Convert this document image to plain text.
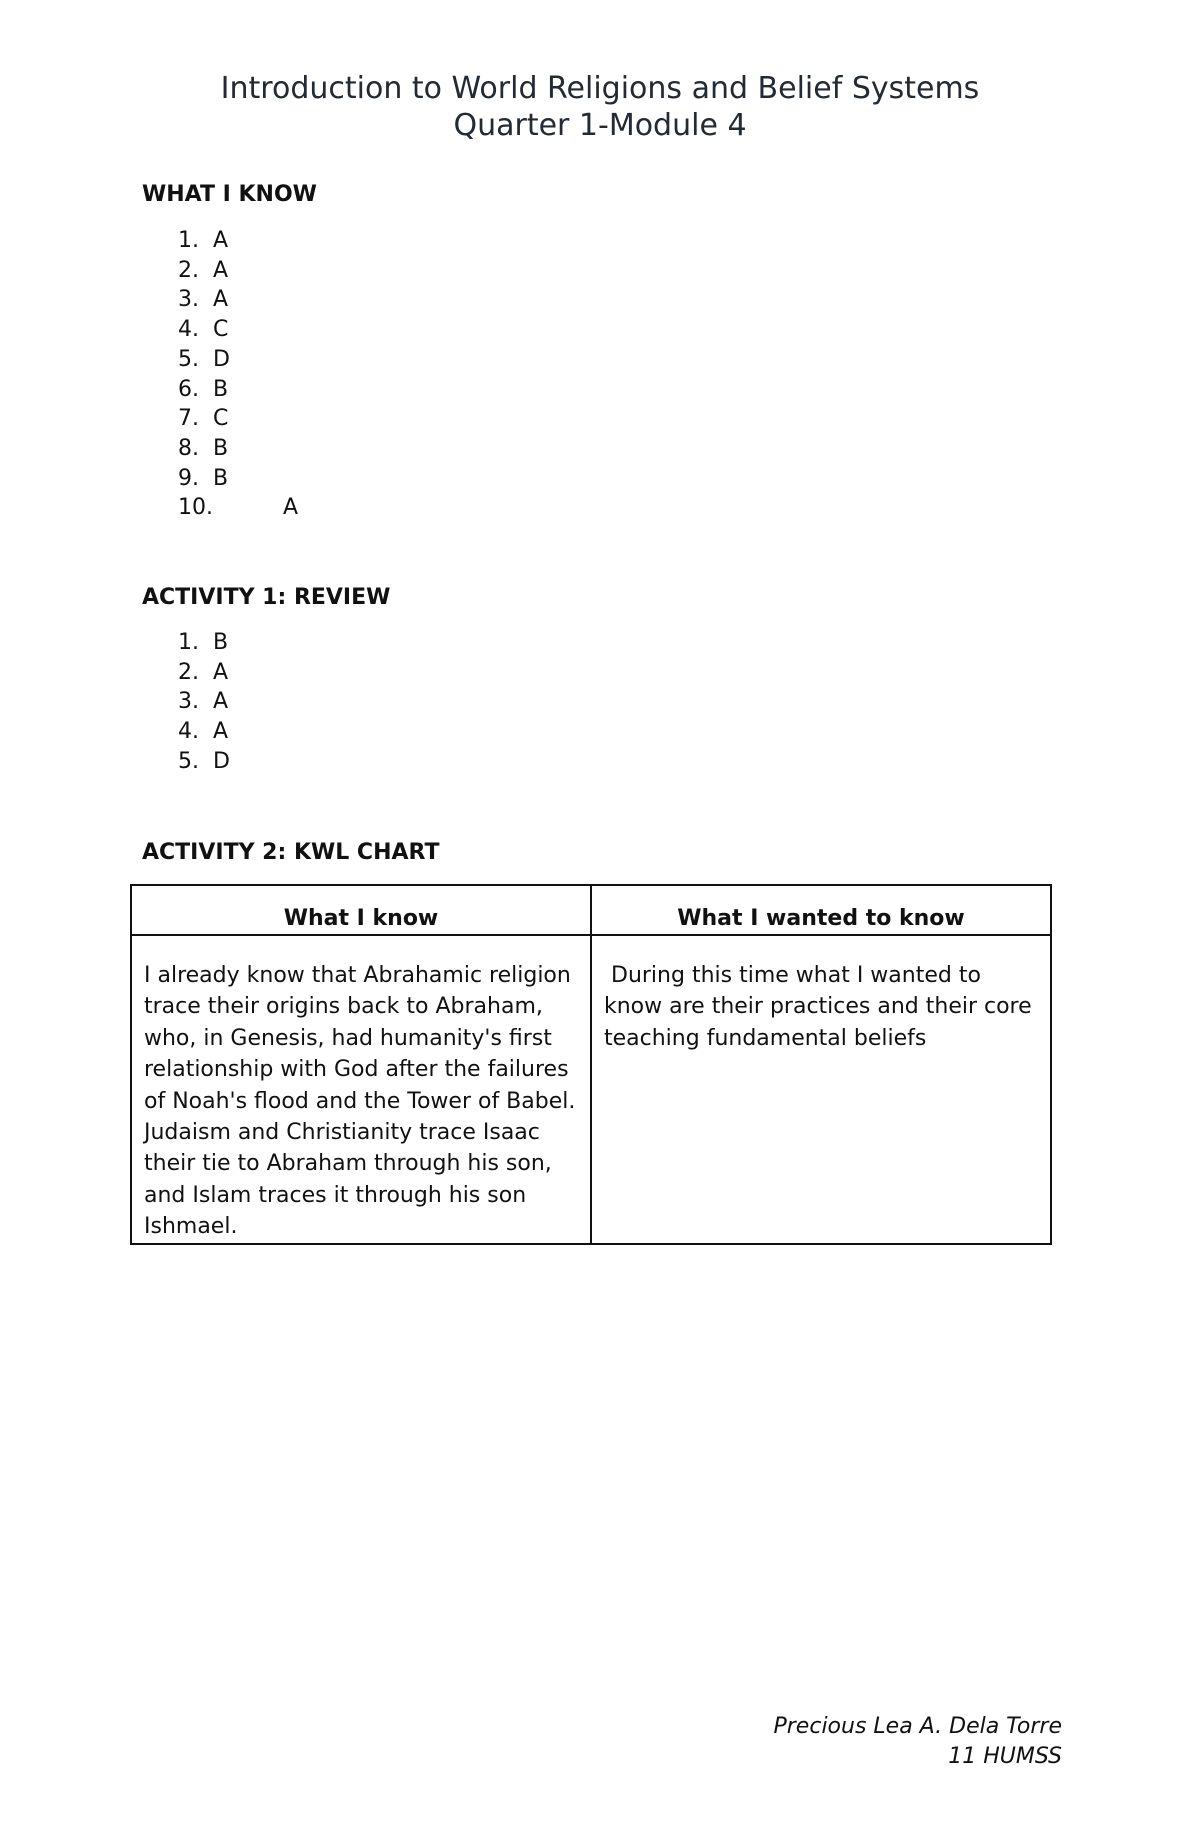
Introduction to World Religions and Belief Systems
Quarter 1-Module 4
WHAT I KNOW
1. A
2. A
3. A
4. C
5. D
6. B
7. C
8. B
9. B
10.	A
ACTIVITY 1: REVIEW
1. B
2. A
3. A
4. A
5. D
ACTIVITY 2: KWL CHART
What I know	What I wanted to know
I already know that Abrahamic religion trace their origins back to Abraham, who, in Genesis, had humanity's first relationship with God after the failures of Noah's flood and the Tower of Babel. Judaism and Christianity trace Isaac their tie to Abraham through his son, and Islam traces it through his son Ishmael.	During this time what I wanted to know are their practices and their core teaching fundamental beliefs
Precious Lea A. Dela Torre
11 HUMSS
